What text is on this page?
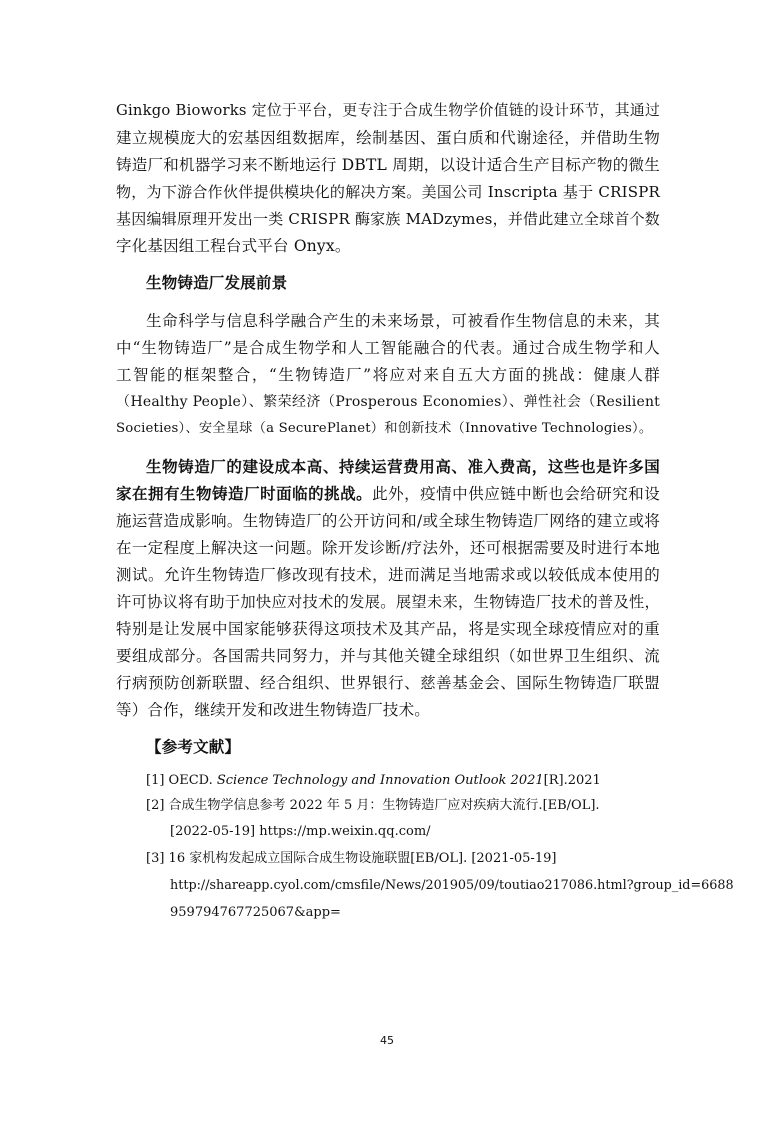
Ginkgo Bioworks 定位于平台，更专注于合成生物学价值链的设计环节，其通过
建立规模庞大的宏基因组数据库，绘制基因、蛋白质和代谢途径，并借助生物
铸造厂和机器学习来不断地运行 DBTL 周期，以设计适合生产目标产物的微生
物，为下游合作伙伴提供模块化的解决方案。美国公司 Inscripta 基于 CRISPR
基因编辑原理开发出一类 CRISPR 酶家族 MADzymes，并借此建立全球首个数
字化基因组工程台式平台 Onyx。
生物铸造厂发展前景
生命科学与信息科学融合产生的未来场景，可被看作生物信息的未来，其
中“生物铸造厂”是合成生物学和人工智能融合的代表。通过合成生物学和人
工智能的框架整合，“生物铸造厂”将应对来自五大方面的挑战：健康人群
（Healthy People）、繁荣经济（Prosperous Economies）、弹性社会（Resilient
Societies）、安全星球（a SecurePlanet）和创新技术（Innovative Technologies）。
生物铸造厂的建设成本高、持续运营费用高、准入费高，这些也是许多国
家在拥有生物铸造厂时面临的挑战。此外，疫情中供应链中断也会给研究和设
施运营造成影响。生物铸造厂的公开访问和/或全球生物铸造厂网络的建立或将
在一定程度上解决这一问题。除开发诊断/疗法外，还可根据需要及时进行本地
测试。允许生物铸造厂修改现有技术，进而满足当地需求或以较低成本使用的
许可协议将有助于加快应对技术的发展。展望未来，生物铸造厂技术的普及性，
特别是让发展中国家能够获得这项技术及其产品，将是实现全球疫情应对的重
要组成部分。各国需共同努力，并与其他关键全球组织（如世界卫生组织、流
行病预防创新联盟、经合组织、世界银行、慈善基金会、国际生物铸造厂联盟
等）合作，继续开发和改进生物铸造厂技术。
【参考文献】
[1] OECD. Science Technology and Innovation Outlook 2021[R].2021
[2] 合成生物学信息参考 2022 年 5 月：生物铸造厂应对疾病大流行.[EB/OL].
[2022-05-19] https://mp.weixin.qq.com/
[3] 16 家机构发起成立国际合成生物设施联盟[EB/OL]. [2021-05-19]
http://shareapp.cyol.com/cmsfile/News/201905/09/toutiao217086.html?group_id=6688
959794767725067&app=
45
